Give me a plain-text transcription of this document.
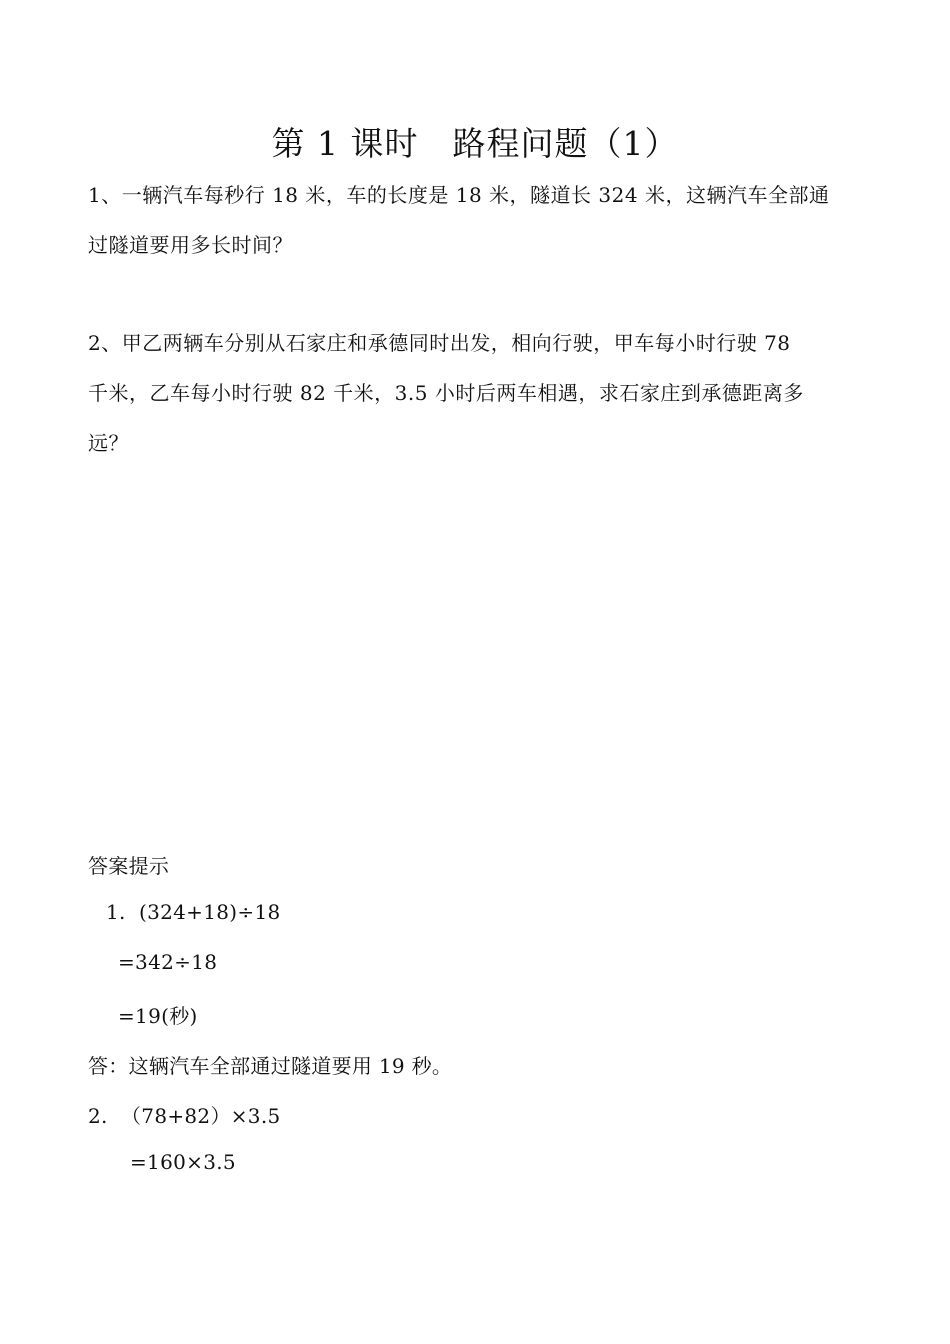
第 1 课时　路程问题（1）
1、一辆汽车每秒行 18 米，车的长度是 18 米，隧道长 324 米，这辆汽车全部通
过隧道要用多长时间？
2、甲乙两辆车分别从石家庄和承德同时出发，相向行驶，甲车每小时行驶 78
千米，乙车每小时行驶 82 千米，3.5 小时后两车相遇，求石家庄到承德距离多
远？
答案提示
1.  (324+18)÷18
=342÷18
=19(秒)
答：这辆汽车全部通过隧道要用 19 秒。
2.  （78+82）×3.5
=160×3.5
